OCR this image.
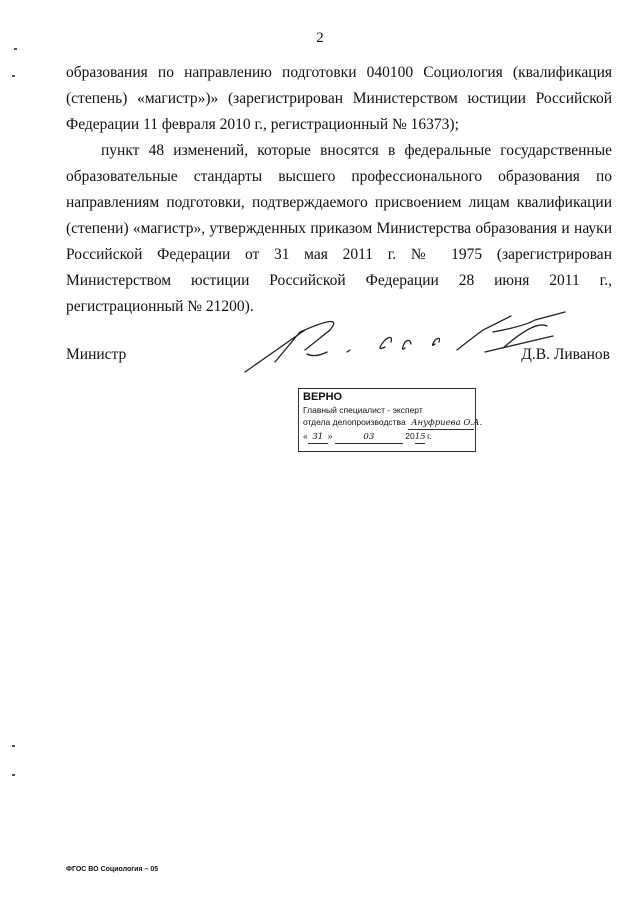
2

образования по направлению подготовки 040100 Социология (квалификация (степень) «магистр»)» (зарегистрирован Министерством юстиции Российской Федерации 11 февраля 2010 г., регистрационный № 16373);

пункт 48 изменений, которые вносятся в федеральные государственные образовательные стандарты высшего профессионального образования по направлениям подготовки, подтверждаемого присвоением лицам квалификации (степени) «магистр», утвержденных приказом Министерства образования и науки Российской Федерации от 31 мая 2011 г. № 1975 (зарегистрирован Министерством юстиции Российской Федерации 28 июня 2011 г., регистрационный № 21200).

Министр	Д.В. Ливанов
ВЕРНО
Главный специалист - эксперт
отдела делопроизводства Ануфриева О.А.
« 31 »	03	2015 г.
ФГОС ВО Социология – 05
